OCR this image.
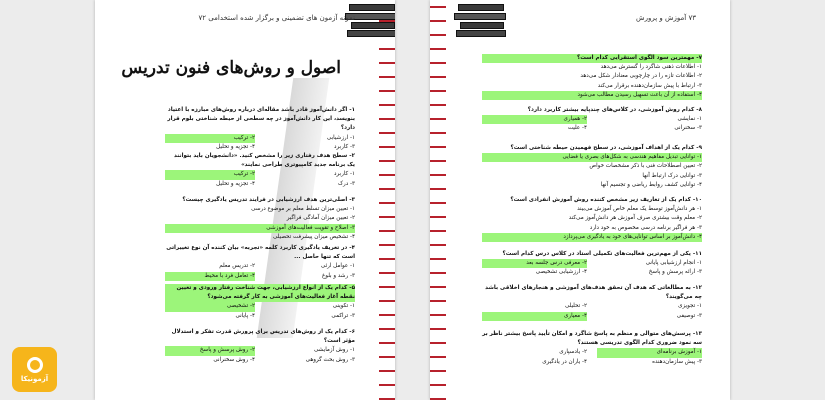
نمونه آزمون های تضمینی و برگزار شده استخدامی ۷۲
اصول و روش‌های فنون تدریس
۱- اگر دانش‌آموز قادر باشد مقاله‌ای درباره روش‌های مبارزه با اعتیاد بنویسد، این کار دانش‌آموز در چه سطحی از حیطه شناختی بلوم قرار دارد؟
۱- ارزشیابی
۲- ترکیب
۳- کاربرد
۴- تجزیه و تحلیل
۲- سطح هدف رفتاری زیر را مشخص کنید. «دانشجویان باید بتوانند یک برنامه جدید کامپیوتری طراحی نمایند»
۱- کاربرد
۲- ترکیب
۳- درک
۴- تجزیه و تحلیل
۳- اصلی‌ترین هدف ارزشیابی در فرایند تدریس یادگیری چیست؟
۱- تعیین میزان تسلط معلم بر موضوع درسی
۲- تعیین میزان آمادگی فراگیر
۳- اصلاح و تقویت فعالیت‌های آموزشی
۴- تشخیص میزان پیشرفت تحصیلی
۴- در تعریف یادگیری کاربرد کلمه «تجربه» بیان کننده آن نوع تغییراتی است که تنها حاصل ...
۱- عوامل ارثی
۲- تدریس معلم
۳- رشد و بلوغ
۴- تعامل فرد با محیط
۵- کدام یک از انواع ارزشیابی، جهت شناخت رفتار ورودی و تعیین نقطه آغاز فعالیت‌های آموزشی به کار گرفته می‌شود؟
۱- تکوینی
۲- تشخیصی
۳- تراکمی
۴- پایانی
۶- کدام یک از روش‌های تدریس برای پرورش قدرت تفکر و استدلال مؤثر است؟
۱- روش آزمایشی
۲- روش پرسش و پاسخ
۳- روش بحث گروهی
۴- روش سخنرانی
۷۳ آموزش و پرورش
۷- مهمترین سود الگوی استقرایی کدام است؟
۱- اطلاعات ذهنی شاگرد را گسترش می‌دهد
۲- اطلاعات تازه را در چارچوبی معنادار شکل می‌دهد
۳- ارتباط با پیش سازمان‌دهنده برقرار می‌کند
۴- استفاده از آن باعث تسهیل رسیدن مطالب می‌شود
۸- کدام روش آموزشی، در کلاس‌های چندپایه بیشتر کاربرد دارد؟
۱- نمایشی
۲- همیاری
۳- سخنرانی
۴- علیت
۹- کدام یک از اهداف آموزشی، در سطح فهمیدن حیطه شناختی است؟
۱- توانایی تبدیل مفاهیم هندسی به شکل‌های بصری یا فضایی
۲- تعیین اصطلاحات فنی با ذکر مشخصات خواص
۳- توانایی درک ارتباط آنها
۴- توانایی کشف روابط ریاضی و تجسیم آنها
۱۰- کدام یک از تعاریف زیر مشخص کننده روش آموزش انفرادی است؟
۱- هر دانش‌آموز توسط یک معلم خاص آموزش می‌بیند
۲- معلم وقت بیشتری صرف آموزش هر دانش‌آموز می‌کند
۳- هر فراگیر برنامه درسی مخصوص به خود دارد
۴- دانش‌آموز بر اساس توانایی‌های خود به یادگیری می‌پردازد
۱۱- یکی از مهم‌ترین فعالیت‌های تکمیلی استاد در کلاس درس کدام است؟
۱- انجام ارزشیابی پایانی
۲- معرفی درس جلسه بعد
۳- ارائه پرسش و پاسخ
۴- ارزشیابی تشخیصی
۱۲- به مطالعاتی که هدف آن تحقق هدف‌های آموزشی و هنجارهای اخلاقی باشد چه می‌گویند؟
۱- تجویزی
۲- تحلیلی
۳- توصیفی
۴- معیاری
۱۳- پرسش‌های متوالی و منظم به پاسخ شاگرد و امکان تأیید پاسخ بیشتر ناظر بر سه نمود ضروری کدام الگوی تدریسی هستند؟
۱- آموزش برنامه‌ای
۲- یادسپاری
۳- پیش سازمان‌دهنده
۴- یاران در یادگیری
آزمونیکا
